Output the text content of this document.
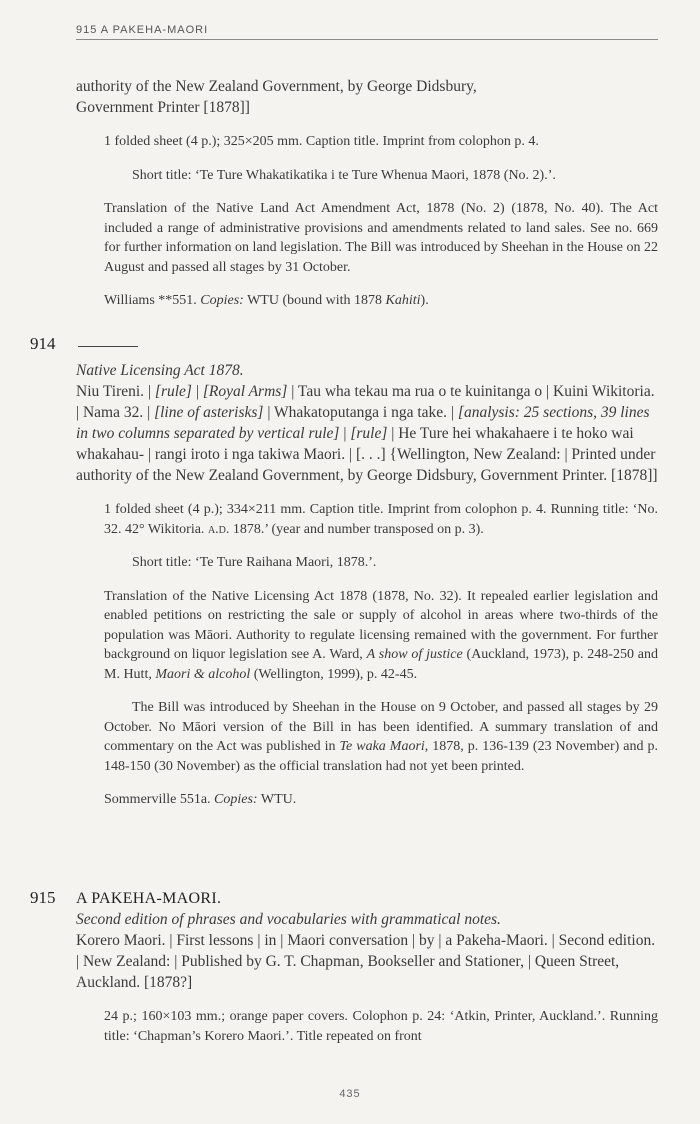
915 A PAKEHA-MAORI

authority of the New Zealand Government, by George Didsbury,

Government Printer [1878]]

1 folded sheet (4 p.); 325×205 mm. Caption title. Imprint from colophon p. 4.

Short title: ‘Te Ture Whakatikatika i te Ture Whenua Maori, 1878 (No. 2).’.

Translation of the Native Land Act Amendment Act, 1878 (No. 2) (1878, No. 40). The Act included a range of administrative provisions and amendments related to land sales. See no. 669 for further information on land legislation. The Bill was introduced by Sheehan in the House on 22 August and passed all stages by 31 October.

Williams **551. Copies: WTU (bound with 1878 Kahiti).

914

Native Licensing Act 1878.

Niu Tireni. | [rule] | [Royal Arms] | Tau wha tekau ma rua o te kuinitanga o | Kuini Wikitoria. | Nama 32. | [line of asterisks] | Whakatoputanga i nga take. | [analysis: 25 sections, 39 lines in two columns separated by vertical rule] | [rule] | He Ture hei whakahaere i te hoko wai whakahau- | rangi iroto i nga takiwa Maori. | [. . .] {Wellington, New Zealand: | Printed under authority of the New Zealand Government, by George Didsbury, Government Printer. [1878]]

1 folded sheet (4 p.); 334×211 mm. Caption title. Imprint from colophon p. 4. Running title: ‘No. 32. 42° Wikitoria. a.d. 1878.’ (year and number transposed on p. 3).

Short title: ‘Te Ture Raihana Maori, 1878.’.

Translation of the Native Licensing Act 1878 (1878, No. 32). It repealed earlier legislation and enabled petitions on restricting the sale or supply of alcohol in areas where two-thirds of the population was Māori. Authority to regulate licensing remained with the government. For further background on liquor legislation see A. Ward, A show of justice (Auckland, 1973), p. 248-250 and M. Hutt, Maori & alcohol (Wellington, 1999), p. 42-45.

The Bill was introduced by Sheehan in the House on 9 October, and passed all stages by 29 October. No Māori version of the Bill in has been identified. A summary translation of and commentary on the Act was published in Te waka Maori, 1878, p. 136-139 (23 November) and p. 148-150 (30 November) as the official translation had not yet been printed.

Sommerville 551a. Copies: WTU.

915 A PAKEHA-MAORI.

Second edition of phrases and vocabularies with grammatical notes.

Korero Maori. | First lessons | in | Maori conversation | by | a Pakeha-Maori. | Second edition. | New Zealand: | Published by G. T. Chapman, Bookseller and Stationer, | Queen Street, Auckland. [1878?]

24 p.; 160×103 mm.; orange paper covers. Colophon p. 24: ‘Atkin, Printer, Auckland.’. Running title: ‘Chapman’s Korero Maori.’. Title repeated on front

435
